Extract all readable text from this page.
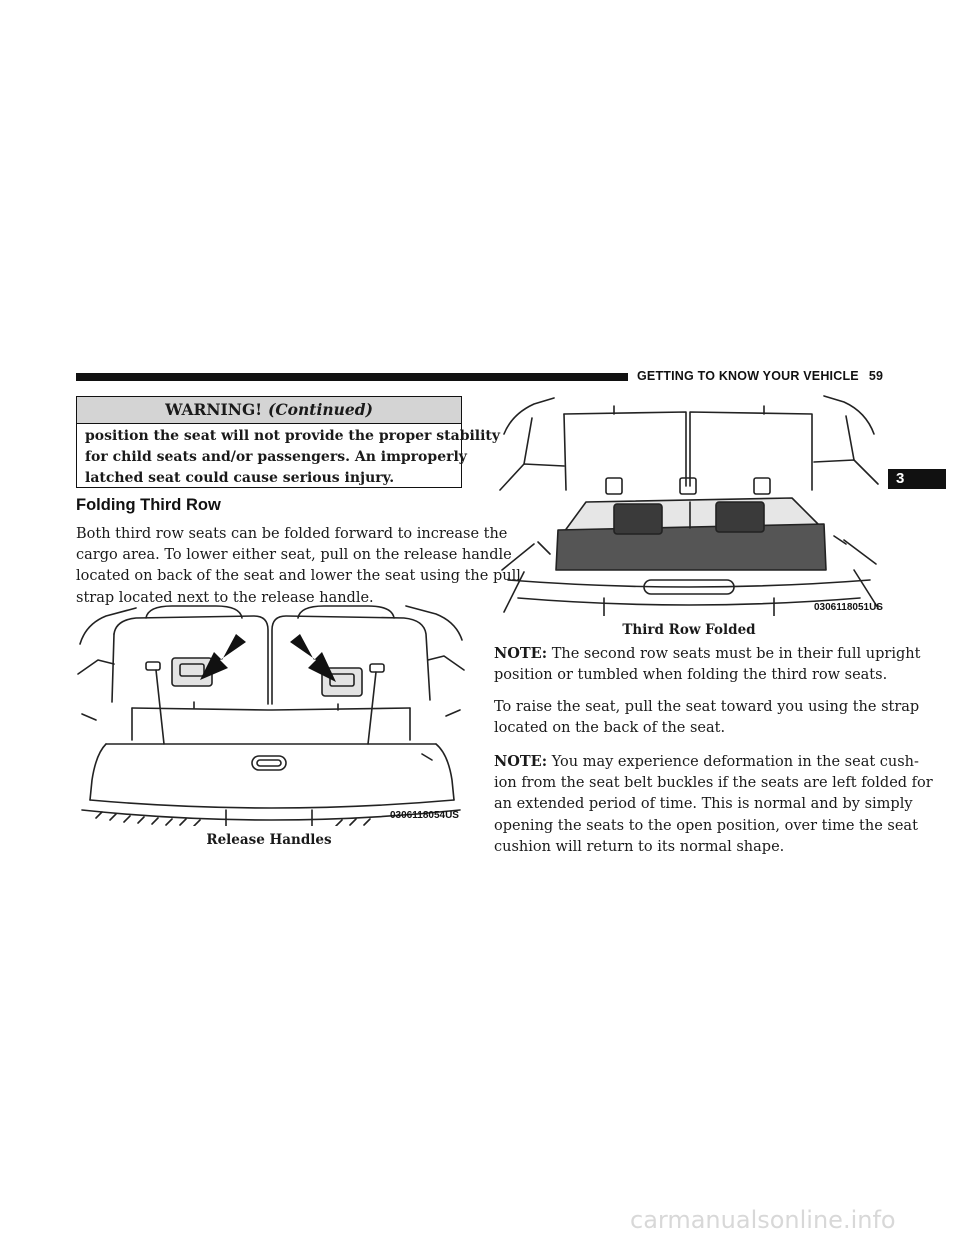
GETTING TO KNOW YOUR VEHICLE 59
3
WARNING! (Continued)
position the seat will not provide the proper stability
for child seats and/or passengers. An improperly
latched seat could cause serious injury.
Folding Third Row
Both third row seats can be folded forward to increase the
cargo area. To lower either seat, pull on the release handle
located on back of the seat and lower the seat using the pull
strap located next to the release handle.
0306118054US
Release Handles
0306118051US
Third Row Folded
NOTE: The second row seats must be in their full upright
position or tumbled when folding the third row seats.
To raise the seat, pull the seat toward you using the strap
located on the back of the seat.
NOTE: You may experience deformation in the seat cush-
ion from the seat belt buckles if the seats are left folded for
an extended period of time. This is normal and by simply
opening the seats to the open position, over time the seat
cushion will return to its normal shape.
carmanualsonline.info
